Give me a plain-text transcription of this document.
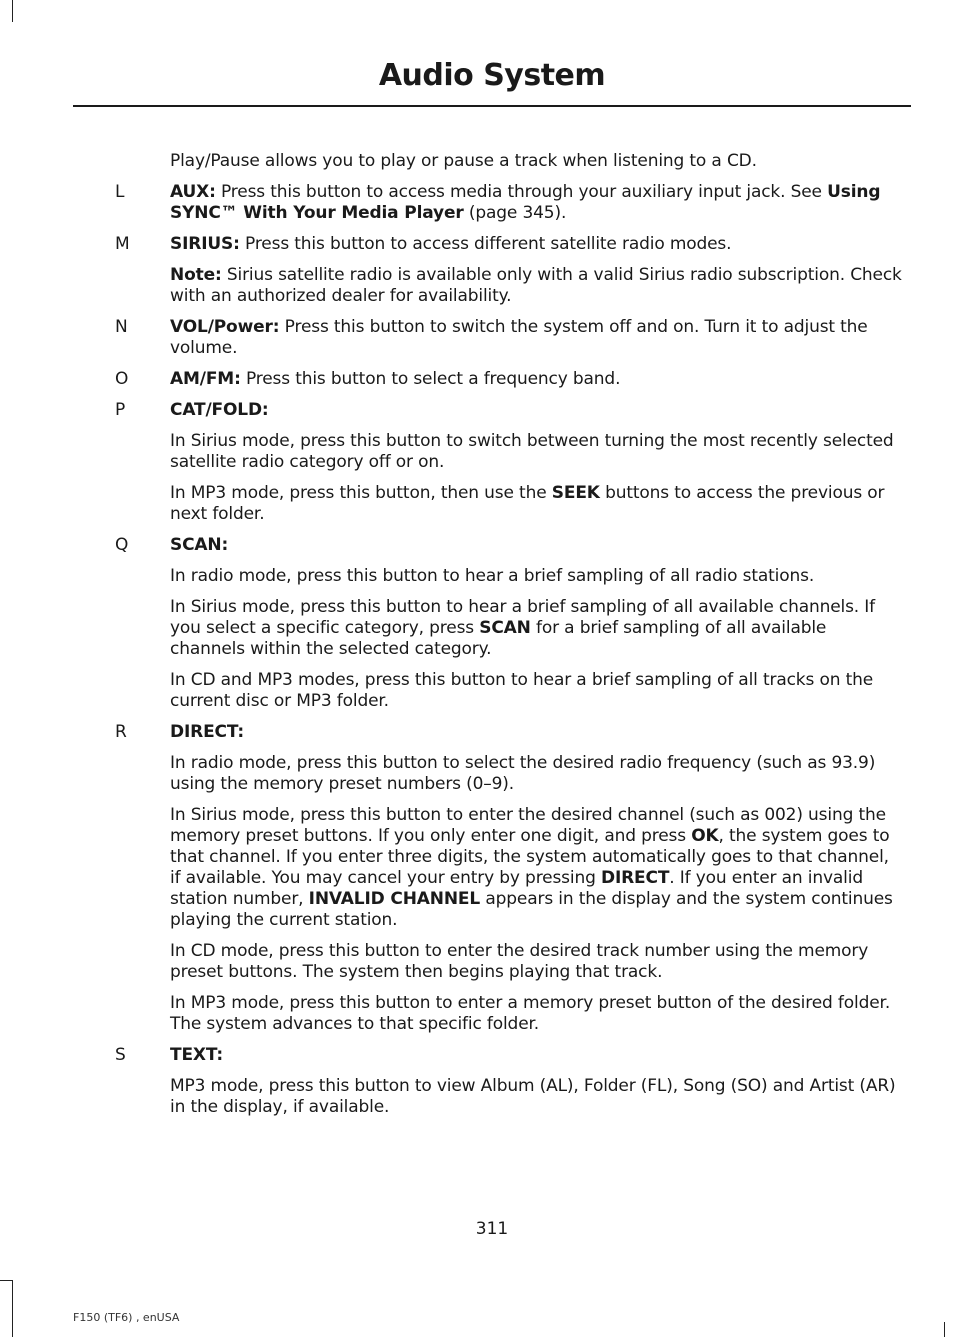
Audio System

Play/Pause allows you to play or pause a track when listening to a CD.

L	AUX: Press this button to access media through your auxiliary input jack. See Using SYNC™ With Your Media Player (page 345).

M SIRIUS: Press this button to access different satellite radio modes.

Note: Sirius satellite radio is available only with a valid Sirius radio subscription. Check with an authorized dealer for availability.

N VOL/Power: Press this button to switch the system off and on. Turn it to adjust the volume.

O AM/FM: Press this button to select a frequency band.

P	CAT/FOLD:

In Sirius mode, press this button to switch between turning the most recently selected satellite radio category off or on.

In MP3 mode, press this button, then use the SEEK buttons to access the previous or next folder.

Q SCAN:

In radio mode, press this button to hear a brief sampling of all radio stations.

In Sirius mode, press this button to hear a brief sampling of all available channels. If you select a specific category, press SCAN for a brief sampling of all available channels within the selected category.

In CD and MP3 modes, press this button to hear a brief sampling of all tracks on the current disc or MP3 folder.

R	DIRECT:

In radio mode, press this button to select the desired radio frequency (such as 93.9) using the memory preset numbers (0–9).

In Sirius mode, press this button to enter the desired channel (such as 002) using the memory preset buttons. If you only enter one digit, and press OK, the system goes to that channel. If you enter three digits, the system automatically goes to that channel, if available. You may cancel your entry by pressing DIRECT. If you enter an invalid station number, INVALID CHANNEL appears in the display and the system continues playing the current station.

In CD mode, press this button to enter the desired track number using the memory preset buttons. The system then begins playing that track.

In MP3 mode, press this button to enter a memory preset button of the desired folder. The system advances to that specific folder.

S	TEXT:

MP3 mode, press this button to view Album (AL), Folder (FL), Song (SO) and Artist (AR) in the display, if available.

311
F150 (TF6) , enUSA
